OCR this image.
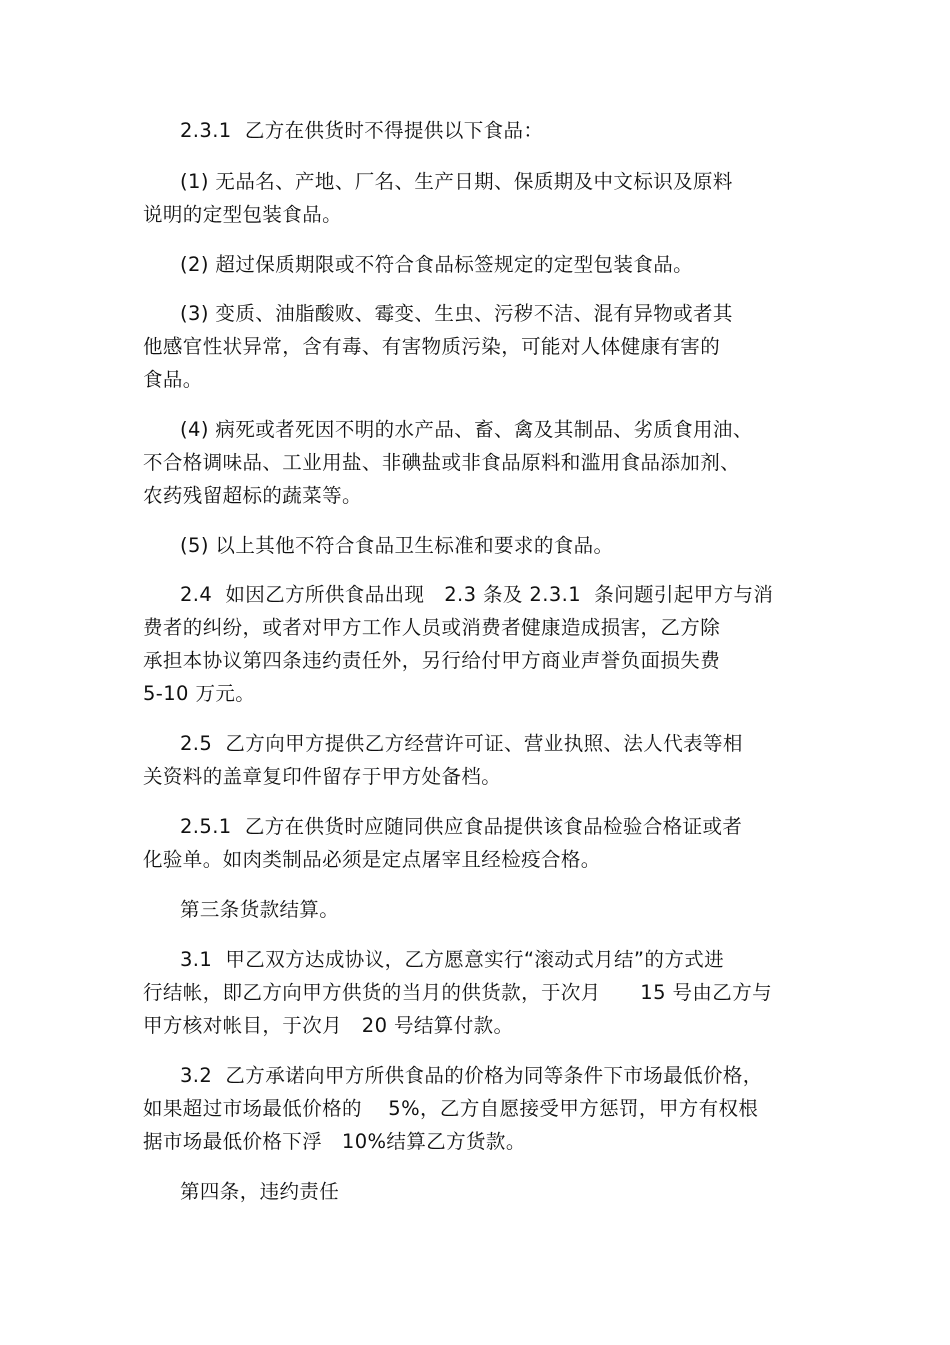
2.3.1  乙方在供货时不得提供以下食品：
(1) 无品名、产地、厂名、生产日期、保质期及中文标识及原料
说明的定型包装食品。
(2) 超过保质期限或不符合食品标签规定的定型包装食品。
(3) 变质、油脂酸败、霉变、生虫、污秽不洁、混有异物或者其
他感官性状异常，含有毒、有害物质污染，可能对人体健康有害的
食品。
(4) 病死或者死因不明的水产品、畜、禽及其制品、劣质食用油、
不合格调味品、工业用盐、非碘盐或非食品原料和滥用食品添加剂、
农药残留超标的蔬菜等。
(5) 以上其他不符合食品卫生标准和要求的食品。
2.4  如因乙方所供食品出现   2.3 条及 2.3.1  条问题引起甲方与消
费者的纠纷，或者对甲方工作人员或消费者健康造成损害，乙方除
承担本协议第四条违约责任外，另行给付甲方商业声誉负面损失费
5-10 万元。
2.5  乙方向甲方提供乙方经营许可证、营业执照、法人代表等相
关资料的盖章复印件留存于甲方处备档。
2.5.1  乙方在供货时应随同供应食品提供该食品检验合格证或者
化验单。如肉类制品必须是定点屠宰且经检疫合格。
第三条货款结算。
3.1  甲乙双方达成协议，乙方愿意实行“滚动式月结”的方式进
行结帐，即乙方向甲方供货的当月的供货款，于次月      15 号由乙方与
甲方核对帐目，于次月   20 号结算付款。
3.2  乙方承诺向甲方所供食品的价格为同等条件下市场最低价格，
如果超过市场最低价格的    5%，乙方自愿接受甲方惩罚，甲方有权根
据市场最低价格下浮   10%结算乙方货款。
第四条，违约责任
